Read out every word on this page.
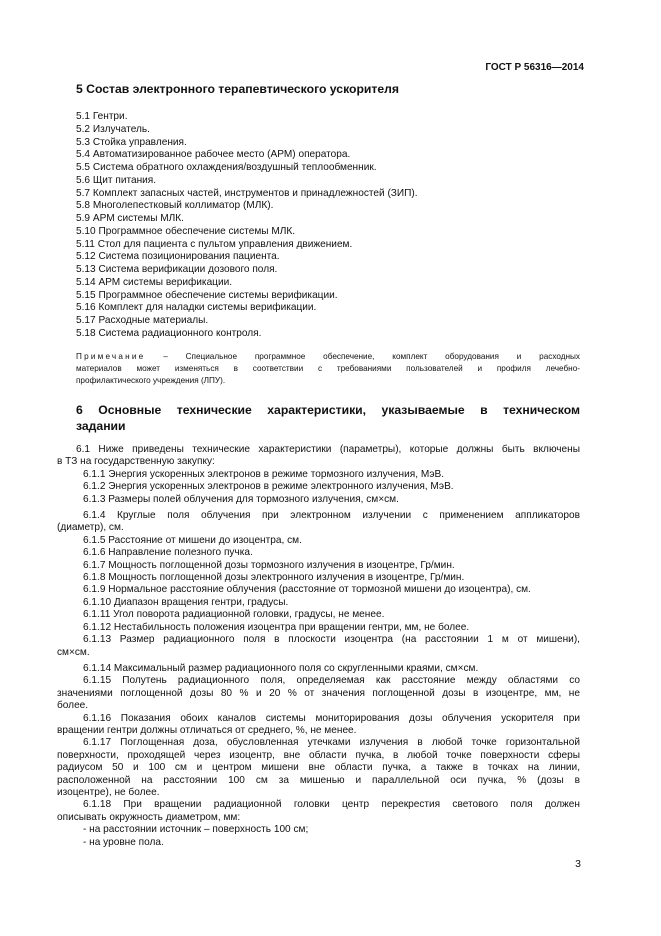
ГОСТ Р 56316—2014
5 Состав электронного терапевтического ускорителя
5.1 Гентри.
5.2 Излучатель.
5.3 Стойка управления.
5.4 Автоматизированное рабочее место (АРМ) оператора.
5.5 Система обратного охлаждения/воздушный теплообменник.
5.6 Щит питания.
5.7 Комплект запасных частей, инструментов и принадлежностей (ЗИП).
5.8 Многолепестковый коллиматор (МЛК).
5.9 АРМ системы МЛК.
5.10 Программное обеспечение системы МЛК.
5.11 Стол для пациента с пультом управления движением.
5.12 Система позиционирования пациента.
5.13 Система верификации дозового поля.
5.14 АРМ системы верификации.
5.15 Программное обеспечение системы верификации.
5.16 Комплект для наладки системы верификации.
5.17 Расходные материалы.
5.18 Система радиационного контроля.
Примечание – Специальное программное обеспечение, комплект оборудования и расходных
материалов может изменяться в соответствии с требованиями пользователей и профиля лечебно-
профилактического учреждения (ЛПУ).
6 Основные технические характеристики, указываемые в техническом
задании
6.1 Ниже приведены технические характеристики (параметры), которые должны быть включены
в ТЗ на государственную закупку:
6.1.1 Энергия ускоренных электронов в режиме тормозного излучения, МэВ.
6.1.2 Энергия ускоренных электронов в режиме электронного излучения, МэВ.
6.1.3 Размеры полей облучения для тормозного излучения, см×см.
6.1.4 Круглые поля облучения при электронном излучении с применением аппликаторов
(диаметр), см.
6.1.5 Расстояние от мишени до изоцентра, см.
6.1.6 Направление полезного пучка.
6.1.7 Мощность поглощенной дозы тормозного излучения в изоцентре, Гр/мин.
6.1.8 Мощность поглощенной дозы электронного излучения в изоцентре, Гр/мин.
6.1.9 Нормальное расстояние облучения (расстояние от тормозной мишени до изоцентра), см.
6.1.10 Диапазон вращения гентри, градусы.
6.1.11 Угол поворота радиационной головки, градусы, не менее.
6.1.12 Нестабильность положения изоцентра при вращении гентри, мм, не более.
6.1.13 Размер радиационного поля в плоскости изоцентра (на расстоянии 1 м от мишени),
см×см.
6.1.14 Максимальный размер радиационного поля со скругленными краями, см×см.
6.1.15 Полутень радиационного поля, определяемая как расстояние между областями со
значениями поглощенной дозы 80 % и 20 % от значения поглощенной дозы в изоцентре, мм, не
более.
6.1.16 Показания обоих каналов системы мониторирования дозы облучения ускорителя при
вращении гентри должны отличаться от среднего, %, не менее.
6.1.17 Поглощенная доза, обусловленная утечками излучения в любой точке горизонтальной
поверхности, проходящей через изоцентр, вне области пучка, в любой точке поверхности сферы
радиусом 50 и 100 см и центром мишени вне области пучка, а также в точках на линии,
расположенной на расстоянии 100 см за мишенью и параллельной оси пучка, % (дозы в
изоцентре), не более.
6.1.18 При вращении радиационной головки центр перекрестия светового поля должен
описывать окружность диаметром, мм:
- на расстоянии источник – поверхность 100 см;
- на уровне пола.
3
